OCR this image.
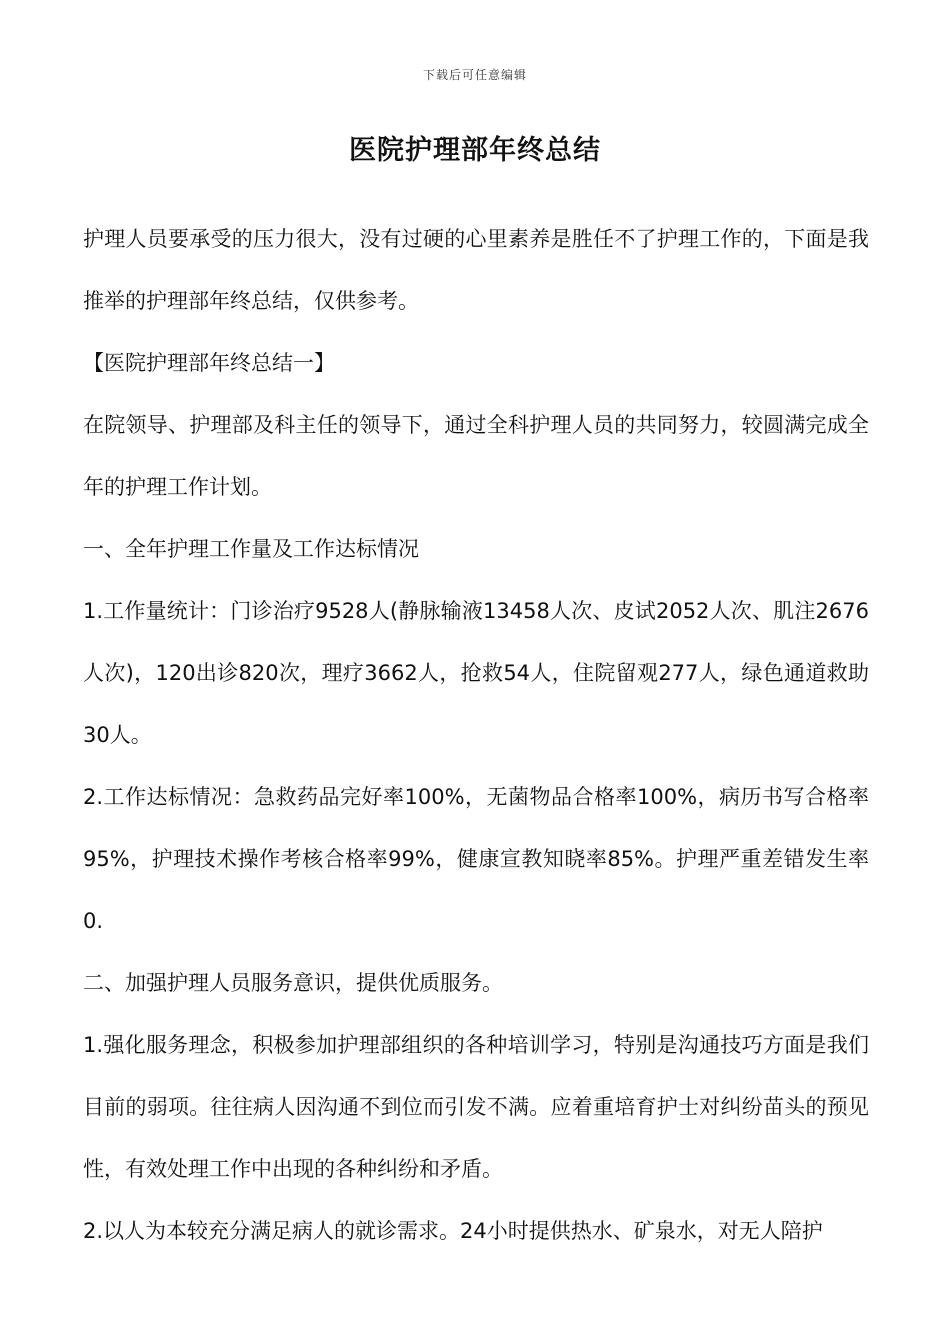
下载后可任意编辑
医院护理部年终总结

护理人员要承受的压力很大，没有过硬的心里素养是胜任不了护理工作的，下面是我推举的护理部年终总结，仅供参考。

【医院护理部年终总结一】

在院领导、护理部及科主任的领导下，通过全科护理人员的共同努力，较圆满完成全年的护理工作计划。

一、全年护理工作量及工作达标情况

1.工作量统计：门诊治疗9528人(静脉输液13458人次、皮试2052人次、肌注2676人次)，120出诊820次，理疗3662人，抢救54人，住院留观277人，绿色通道救助30人。

2.工作达标情况：急救药品完好率100%，无菌物品合格率100%，病历书写合格率95%，护理技术操作考核合格率99%，健康宣教知晓率85%。护理严重差错发生率0.

二、加强护理人员服务意识，提供优质服务。

1.强化服务理念，积极参加护理部组织的各种培训学习，特别是沟通技巧方面是我们目前的弱项。往往病人因沟通不到位而引发不满。应着重培育护士对纠纷苗头的预见性，有效处理工作中出现的各种纠纷和矛盾。

2.以人为本较充分满足病人的就诊需求。24小时提供热水、矿泉水，对无人陪护
